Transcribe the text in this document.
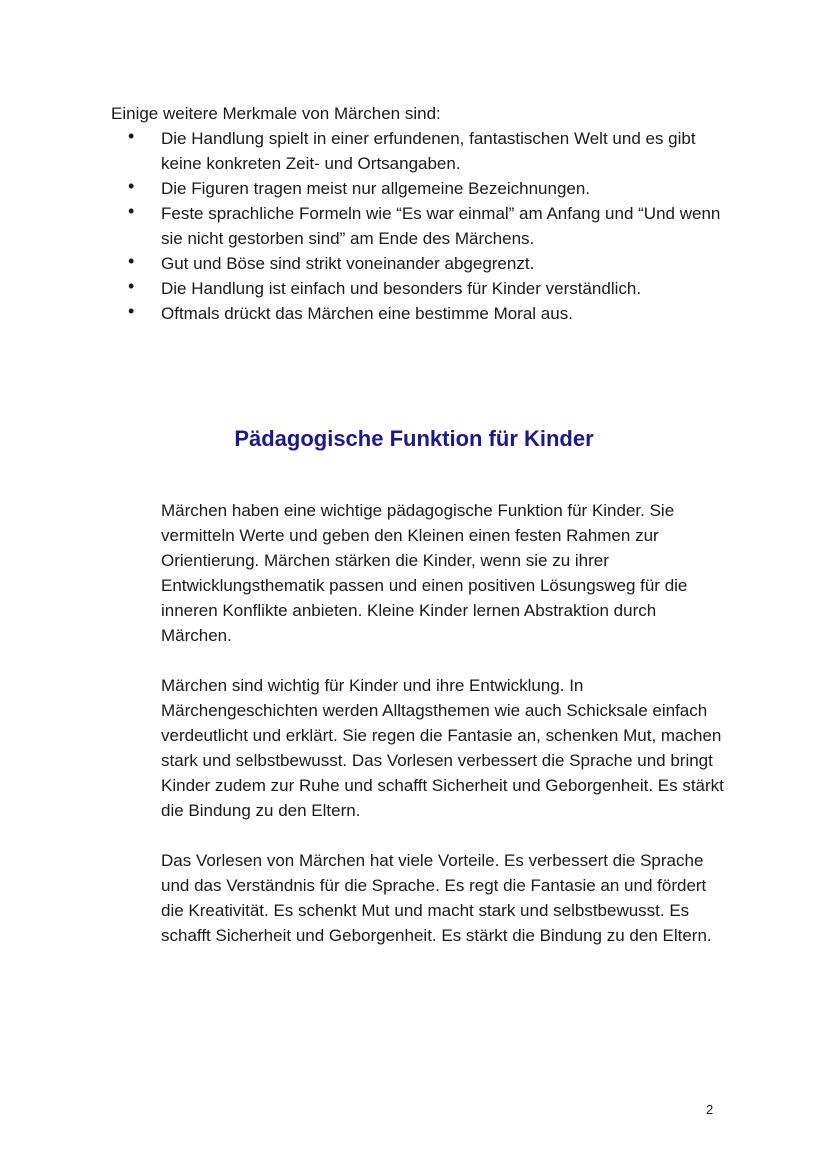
Einige weitere Merkmale von Märchen sind:

• Die Handlung spielt in einer erfundenen, fantastischen Welt und es gibt keine konkreten Zeit- und Ortsangaben.
• Die Figuren tragen meist nur allgemeine Bezeichnungen.
• Feste sprachliche Formeln wie “Es war einmal” am Anfang und “Und wenn sie nicht gestorben sind” am Ende des Märchens.
• Gut und Böse sind strikt voneinander abgegrenzt.
• Die Handlung ist einfach und besonders für Kinder verständlich.
• Oftmals drückt das Märchen eine bestimme Moral aus.
Pädagogische Funktion für Kinder

Märchen haben eine wichtige pädagogische Funktion für Kinder. Sie vermitteln Werte und geben den Kleinen einen festen Rahmen zur Orientierung. Märchen stärken die Kinder, wenn sie zu ihrer Entwicklungsthematik passen und einen positiven Lösungsweg für die inneren Konflikte anbieten. Kleine Kinder lernen Abstraktion durch Märchen.

Märchen sind wichtig für Kinder und ihre Entwicklung. In Märchengeschichten werden Alltagsthemen wie auch Schicksale einfach verdeutlicht und erklärt. Sie regen die Fantasie an, schenken Mut, machen stark und selbstbewusst. Das Vorlesen verbessert die Sprache und bringt Kinder zudem zur Ruhe und schafft Sicherheit und Geborgenheit. Es stärkt die Bindung zu den Eltern.

Das Vorlesen von Märchen hat viele Vorteile. Es verbessert die Sprache und das Verständnis für die Sprache. Es regt die Fantasie an und fördert die Kreativität. Es schenkt Mut und macht stark und selbstbewusst. Es schafft Sicherheit und Geborgenheit. Es stärkt die Bindung zu den Eltern.

2
